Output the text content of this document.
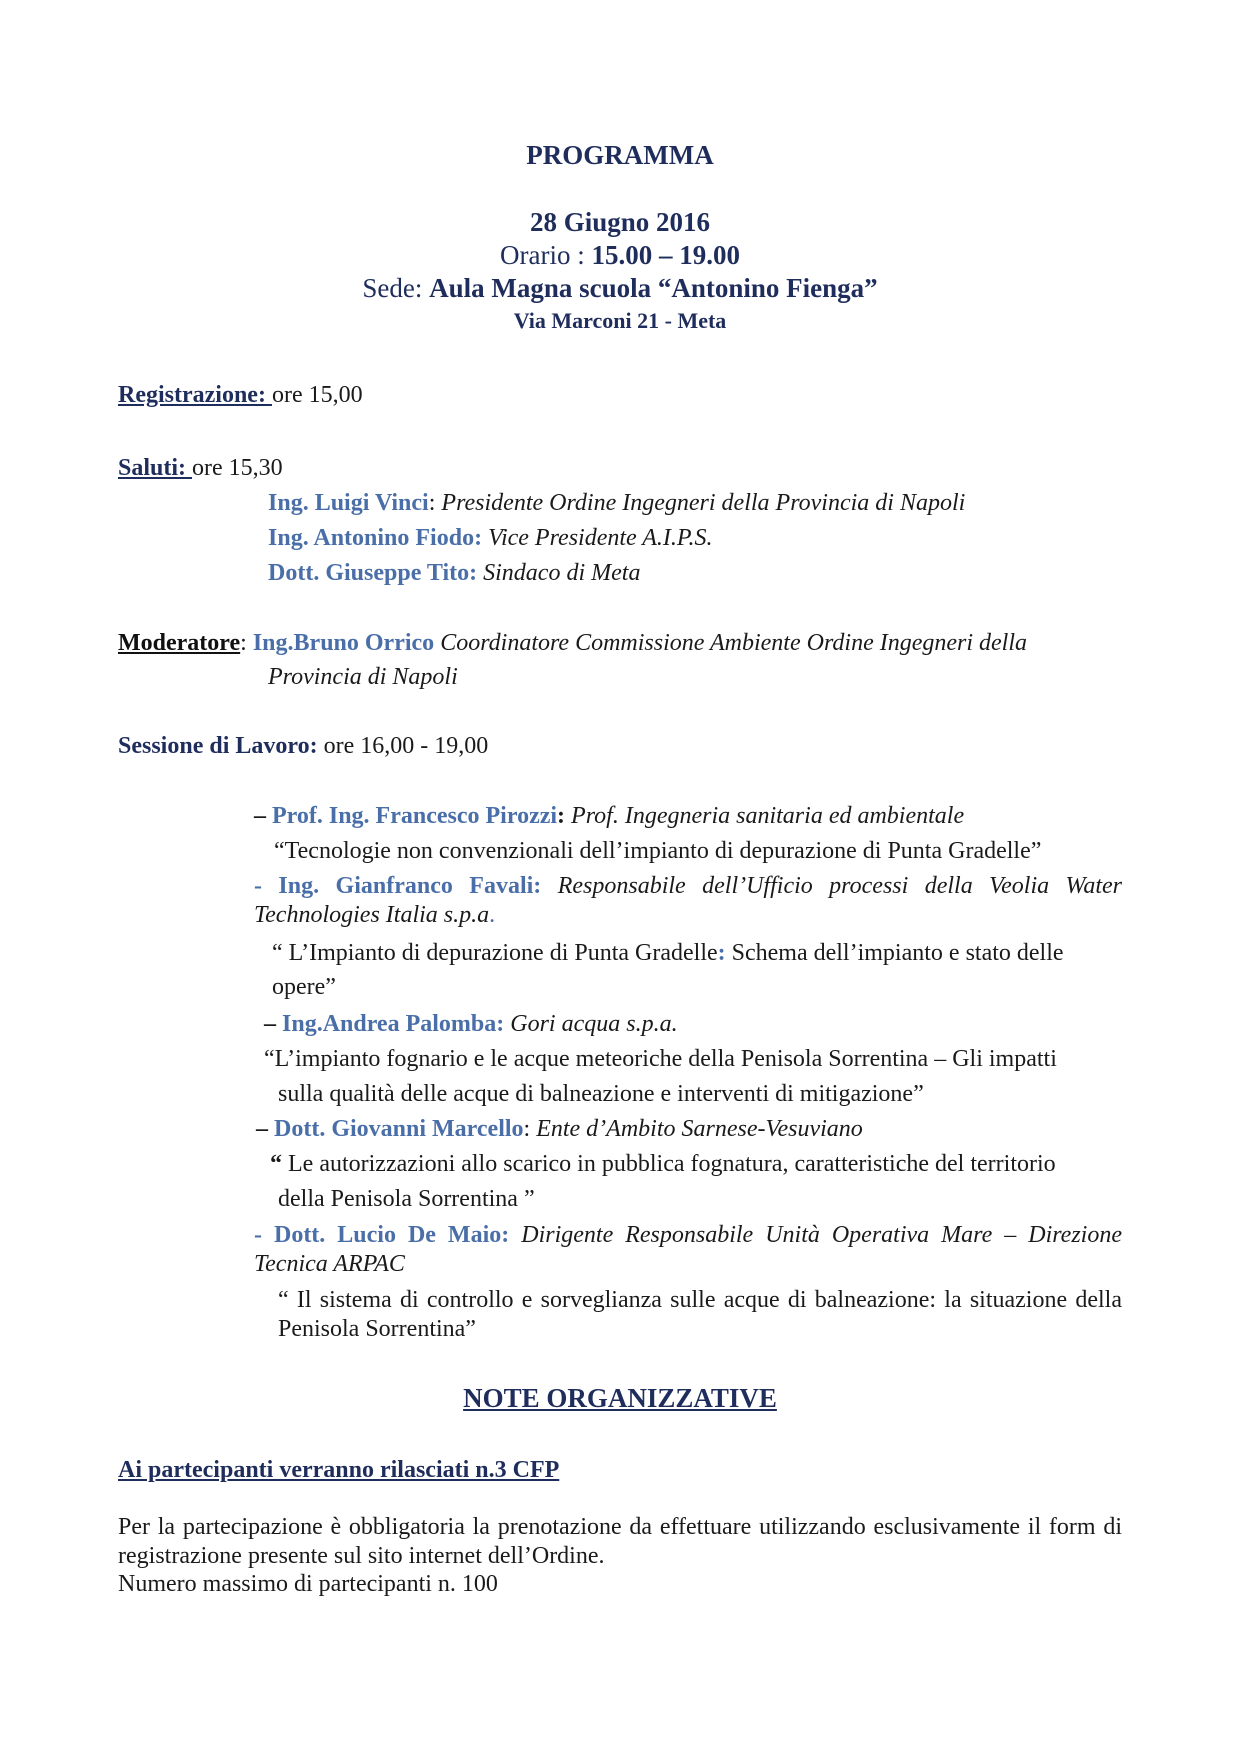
PROGRAMMA
28 Giugno 2016
Orario : 15.00 – 19.00
Sede: Aula Magna scuola “Antonino Fienga”
Via Marconi 21 - Meta
Registrazione: ore 15,00
Saluti: ore 15,30
Ing. Luigi Vinci: Presidente Ordine Ingegneri della Provincia di Napoli
Ing. Antonino Fiodo: Vice Presidente A.I.P.S.
Dott. Giuseppe Tito: Sindaco di Meta
Moderatore: Ing.Bruno Orrico Coordinatore Commissione Ambiente Ordine Ingegneri della
Provincia di Napoli
Sessione di Lavoro: ore 16,00 - 19,00
– Prof. Ing. Francesco Pirozzi: Prof. Ingegneria sanitaria ed ambientale
“Tecnologie non convenzionali dell’impianto di depurazione di Punta Gradelle”
- Ing. Gianfranco Favali: Responsabile dell’Ufficio processi della Veolia Water Technologies Italia s.p.a.
“ L’Impianto di depurazione di Punta Gradelle: Schema dell’impianto e stato delle opere”
– Ing.Andrea Palomba: Gori acqua s.p.a.
“L’impianto fognario e le acque meteoriche della Penisola Sorrentina – Gli impatti
sulla qualità delle acque di balneazione e interventi di mitigazione”
– Dott. Giovanni Marcello: Ente d’Ambito Sarnese-Vesuviano
“ Le autorizzazioni allo scarico in pubblica fognatura, caratteristiche del territorio
della Penisola Sorrentina ”
- Dott. Lucio De Maio: Dirigente Responsabile Unità Operativa Mare – Direzione Tecnica ARPAC
“ Il sistema di controllo e sorveglianza sulle acque di balneazione: la situazione della Penisola Sorrentina”
NOTE ORGANIZZATIVE
Ai partecipanti verranno rilasciati n.3 CFP
Per la partecipazione è obbligatoria la prenotazione da effettuare utilizzando esclusivamente il form di registrazione presente sul sito internet dell’Ordine.
Numero massimo di partecipanti n. 100
